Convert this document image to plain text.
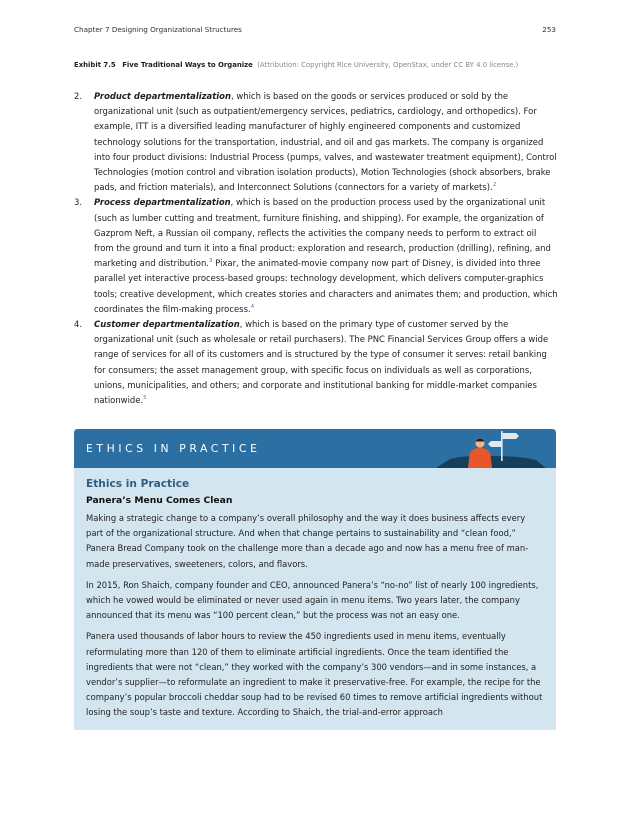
Chapter 7 Designing Organizational Structures	253
Exhibit 7.5 Five Traditional Ways to Organize (Attribution: Copyright Rice University, OpenStax, under CC BY 4.0 license.)
2.	Product departmentalization, which is based on the goods or services produced or sold by the organizational unit (such as outpatient/emergency services, pediatrics, cardiology, and orthopedics). For example, ITT is a diversified leading manufacturer of highly engineered components and customized technology solutions for the transportation, industrial, and oil and gas markets. The company is organized into four product divisions: Industrial Process (pumps, valves, and wastewater treatment equipment), Control Technologies (motion control and vibration isolation products), Motion Technologies (shock absorbers, brake pads, and friction materials), and Interconnect Solutions (connectors for a variety of markets).$^2$

3.	Process departmentalization, which is based on the production process used by the organizational unit (such as lumber cutting and treatment, furniture finishing, and shipping). For example, the organization of Gazprom Neft, a Russian oil company, reflects the activities the company needs to perform to extract oil from the ground and turn it into a final product: exploration and research, production (drilling), refining, and marketing and distribution.$^3$ Pixar, the animated-movie company now part of Disney, is divided into three parallel yet interactive process-based groups: technology development, which delivers computer-graphics tools; creative development, which creates stories and characters and animates them; and production, which coordinates the film-making process.$^4$

4.	Customer departmentalization, which is based on the primary type of customer served by the organizational unit (such as wholesale or retail purchasers). The PNC Financial Services Group offers a wide range of services for all of its customers and is structured by the type of consumer it serves: retail banking for consumers; the asset management group, with specific focus on individuals as well as corporations, unions, municipalities, and others; and corporate and institutional banking for middle-market companies nationwide.$^5$

ETHICS IN PRACTICE
Ethics in Practice
Panera’s Menu Comes Clean

Making a strategic change to a company’s overall philosophy and the way it does business affects every part of the organizational structure. And when that change pertains to sustainability and “clean food,” Panera Bread Company took on the challenge more than a decade ago and now has a menu free of man-made preservatives, sweeteners, colors, and flavors.

In 2015, Ron Shaich, company founder and CEO, announced Panera’s “no-no” list of nearly 100 ingredients, which he vowed would be eliminated or never used again in menu items. Two years later, the company announced that its menu was “100 percent clean,” but the process was not an easy one.

Panera used thousands of labor hours to review the 450 ingredients used in menu items, eventually reformulating more than 120 of them to eliminate artificial ingredients. Once the team identified the ingredients that were not “clean,” they worked with the company’s 300 vendors—and in some instances, a vendor’s supplier—to reformulate an ingredient to make it preservative-free. For example, the recipe for the company’s popular broccoli cheddar soup had to be revised 60 times to remove artificial ingredients without losing the soup’s taste and texture. According to Shaich, the trial-and-error approach
